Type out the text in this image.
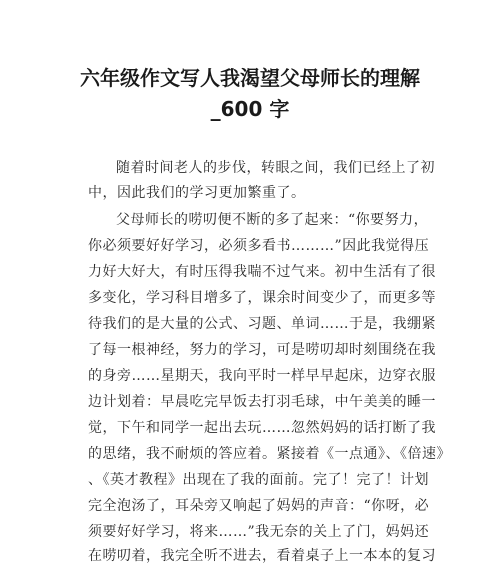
六年级作文写人我渴望父母师长的理解
_600 字

随着时间老人的步伐，转眼之间，我们已经上了初

中，因此我们的学习更加繁重了。

父母师长的唠叨便不断的多了起来：“你要努力，

你必须要好好学习，必须多看书………”因此我觉得压

力好大好大，有时压得我喘不过气来。初中生活有了很

多变化，学习科目增多了，课余时间变少了，而更多等

待我们的是大量的公式、习题、单词……于是，我绷紧

了每一根神经，努力的学习，可是唠叨却时刻围绕在我

的身旁……星期天，我向平时一样早早起床，边穿衣服

边计划着：早晨吃完早饭去打羽毛球，中午美美的睡一

觉，下午和同学一起出去玩……忽然妈妈的话打断了我

的思绪，我不耐烦的答应着。紧接着《一点通》、《倍速》

、《英才教程》出现在了我的面前。完了！完了！计划

完全泡汤了，耳朵旁又响起了妈妈的声音：“你呀，必

须要好好学习，将来……”我无奈的关上了门，妈妈还

在唠叨着，我完全听不进去，看着桌子上一本本的复习
